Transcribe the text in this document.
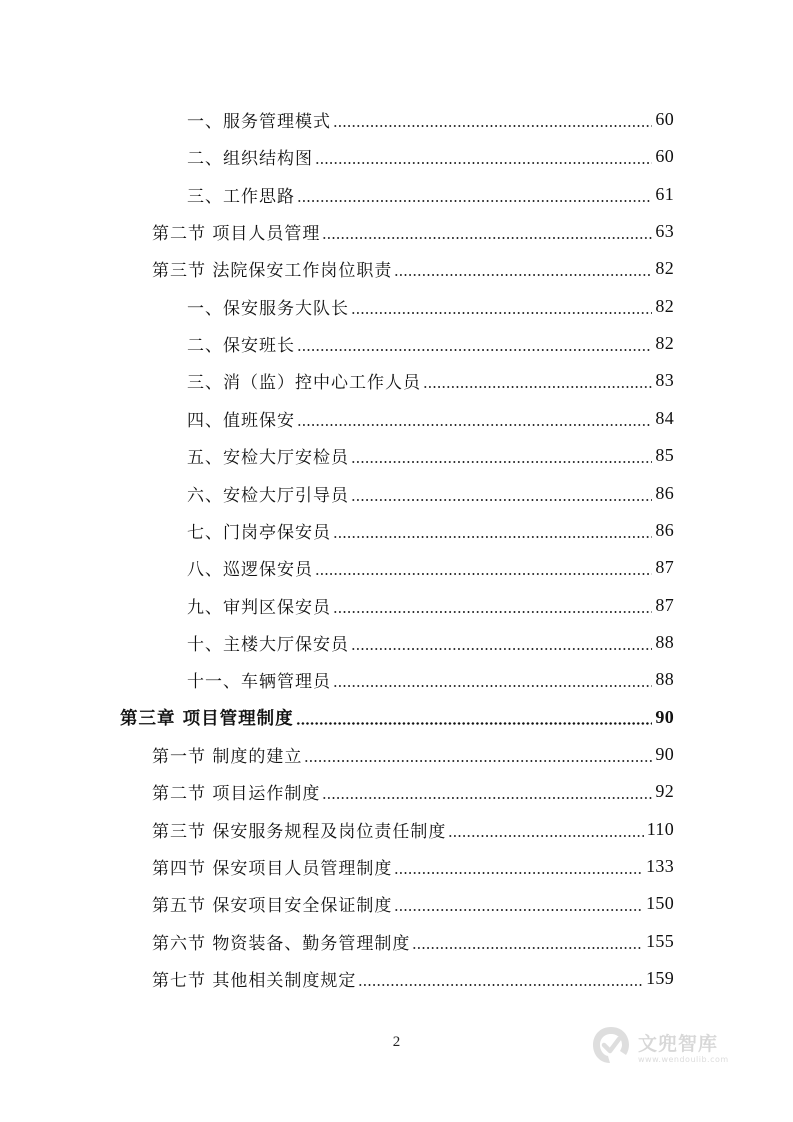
一、服务管理模式	60
二、组织结构图	60
三、工作思路	61
第二节 项目人员管理	63
第三节 法院保安工作岗位职责	82
一、保安服务大队长	82
二、保安班长	82
三、消（监）控中心工作人员	83
四、值班保安	84
五、安检大厅安检员	85
六、安检大厅引导员	86
七、门岗亭保安员	86
八、巡逻保安员	87
九、审判区保安员	87
十、主楼大厅保安员	88
十一、车辆管理员	88
第三章 项目管理制度	90
第一节 制度的建立	90
第二节 项目运作制度	92
第三节 保安服务规程及岗位责任制度	110
第四节 保安项目人员管理制度	133
第五节 保安项目安全保证制度	150
第六节 物资装备、勤务管理制度	155
第七节 其他相关制度规定	159
2	文兜智库
www.wendoulib.com
